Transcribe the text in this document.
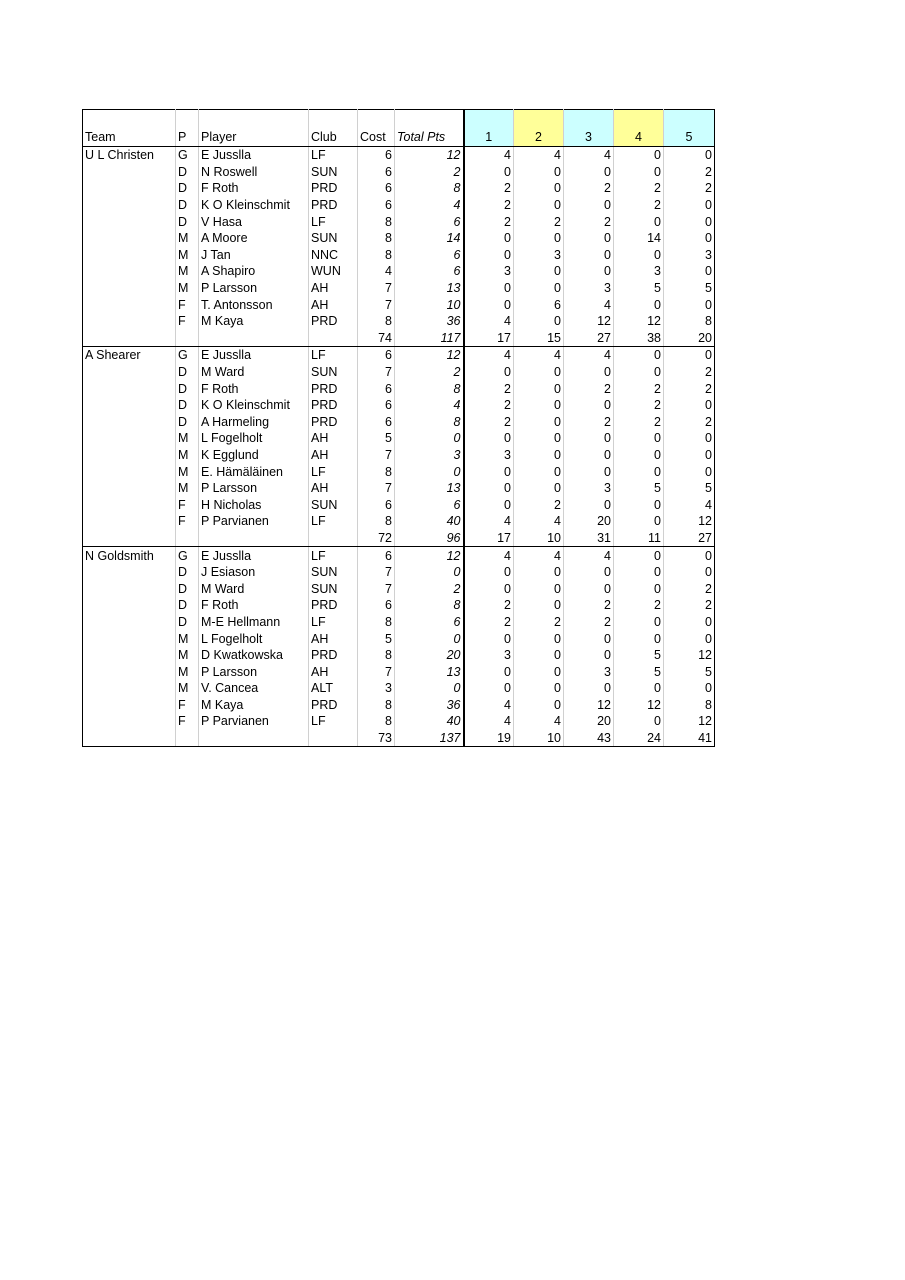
Team	P	Player	Club	Cost	Total Pts	1	2	3	4	5
U L Christen	G	E Jusslla	LF	6	12	4	4	4	0	0
	D	N Roswell	SUN	6	2	0	0	0	0	2
	D	F Roth	PRD	6	8	2	0	2	2	2
	D	K O Kleinschmit	PRD	6	4	2	0	0	2	0
	D	V Hasa	LF	8	6	2	2	2	0	0
	M	A Moore	SUN	8	14	0	0	0	14	0
	M	J Tan	NNC	8	6	0	3	0	0	3
	M	A Shapiro	WUN	4	6	3	0	0	3	0
	M	P Larsson	AH	7	13	0	0	3	5	5
	F	T. Antonsson	AH	7	10	0	6	4	0	0
	F	M Kaya	PRD	8	36	4	0	12	12	8
				74	117	17	15	27	38	20
A Shearer	G	E Jusslla	LF	6	12	4	4	4	0	0
	D	M Ward	SUN	7	2	0	0	0	0	2
	D	F Roth	PRD	6	8	2	0	2	2	2
	D	K O Kleinschmit	PRD	6	4	2	0	0	2	0
	D	A Harmeling	PRD	6	8	2	0	2	2	2
	M	L Fogelholt	AH	5	0	0	0	0	0	0
	M	K Egglund	AH	7	3	3	0	0	0	0
	M	E. Hämäläinen	LF	8	0	0	0	0	0	0
	M	P Larsson	AH	7	13	0	0	3	5	5
	F	H Nicholas	SUN	6	6	0	2	0	0	4
	F	P Parvianen	LF	8	40	4	4	20	0	12
				72	96	17	10	31	11	27
N Goldsmith	G	E Jusslla	LF	6	12	4	4	4	0	0
	D	J Esiason	SUN	7	0	0	0	0	0	0
	D	M Ward	SUN	7	2	0	0	0	0	2
	D	F Roth	PRD	6	8	2	0	2	2	2
	D	M-E Hellmann	LF	8	6	2	2	2	0	0
	M	L Fogelholt	AH	5	0	0	0	0	0	0
	M	D Kwatkowska	PRD	8	20	3	0	0	5	12
	M	P Larsson	AH	7	13	0	0	3	5	5
	M	V. Cancea	ALT	3	0	0	0	0	0	0
	F	M Kaya	PRD	8	36	4	0	12	12	8
	F	P Parvianen	LF	8	40	4	4	20	0	12
				73	137	19	10	43	24	41
